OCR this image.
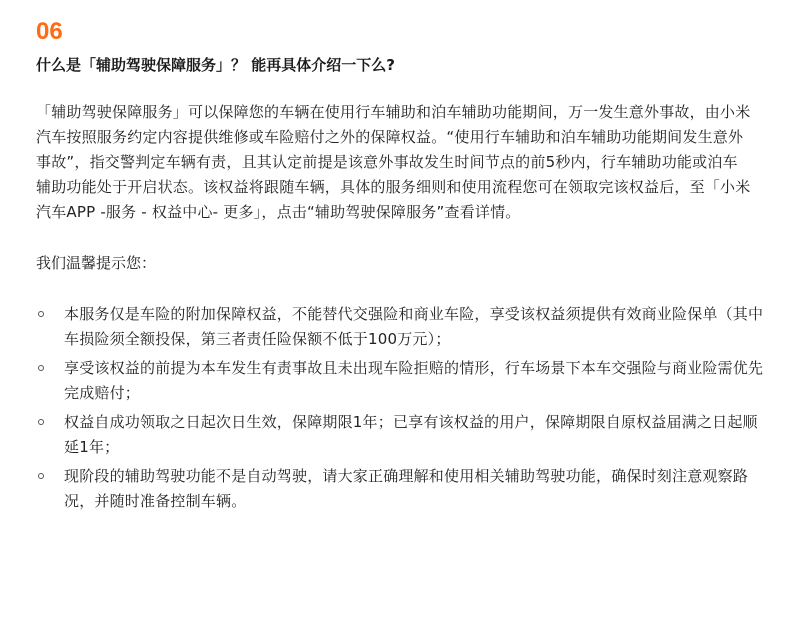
06
什么是「辅助驾驶保障服务」？ 能再具体介绍一下么?
「辅助驾驶保障服务」可以保障您的车辆在使用行车辅助和泊车辅助功能期间，万一发生意外事故，由小米汽车按照服务约定内容提供维修或车险赔付之外的保障权益。“使用行车辅助和泊车辅助功能期间发生意外事故”，指交警判定车辆有责，且其认定前提是该意外事故发生时间节点的前5秒内，行车辅助功能或泊车辅助功能处于开启状态。该权益将跟随车辆，具体的服务细则和使用流程您可在领取完该权益后，至「小米汽车APP -服务 - 权益中心- 更多」，点击“辅助驾驶保障服务”查看详情。
我们温馨提示您：
本服务仅是车险的附加保障权益，不能替代交强险和商业车险，享受该权益须提供有效商业险保单（其中车损险须全额投保，第三者责任险保额不低于100万元）；
享受该权益的前提为本车发生有责事故且未出现车险拒赔的情形，行车场景下本车交强险与商业险需优先完成赔付；
权益自成功领取之日起次日生效，保障期限1年；已享有该权益的用户，保障期限自原权益届满之日起顺延1年；
现阶段的辅助驾驶功能不是自动驾驶，请大家正确理解和使用相关辅助驾驶功能，确保时刻注意观察路况，并随时准备控制车辆。
